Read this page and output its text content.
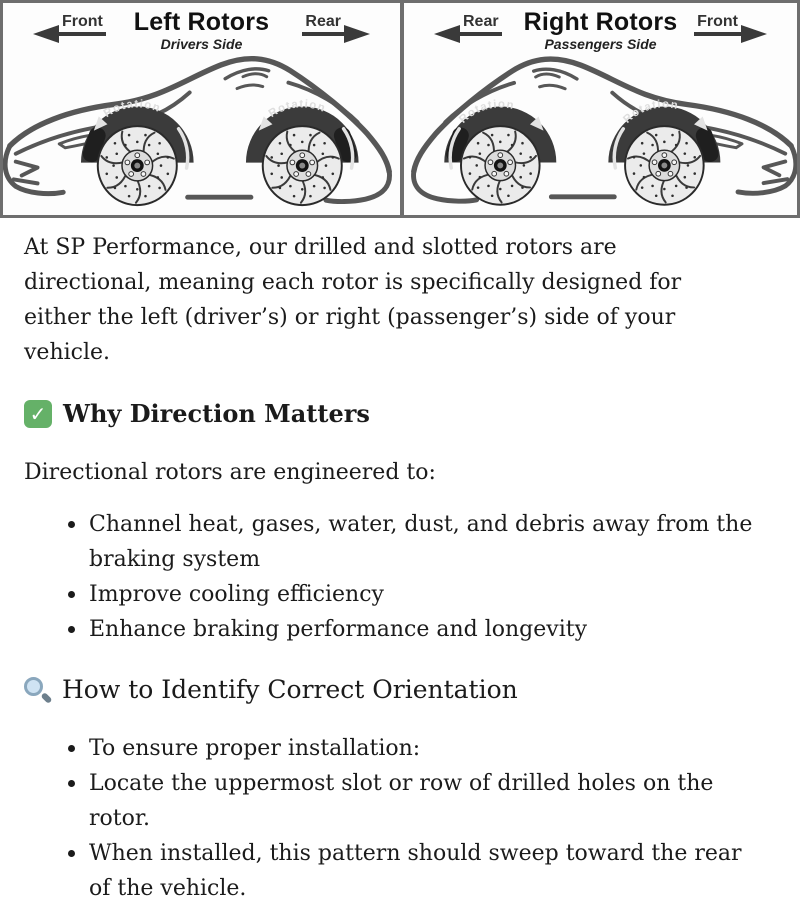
Left Rotors
Drivers Side
Front	Rear	Right Rotors
Passengers Side
Rear	Front

At SP Performance, our drilled and slotted rotors are directional, meaning each rotor is specifically designed for either the left (driver’s) or right (passenger’s) side of your vehicle.

✓ Why Direction Matters

Directional rotors are engineered to:

Channel heat, gases, water, dust, and debris away from the braking system
Improve cooling efficiency
Enhance braking performance and longevity
How to Identify Correct Orientation
To ensure proper installation:
Locate the uppermost slot or row of drilled holes on the rotor.
When installed, this pattern should sweep toward the rear of the vehicle.
